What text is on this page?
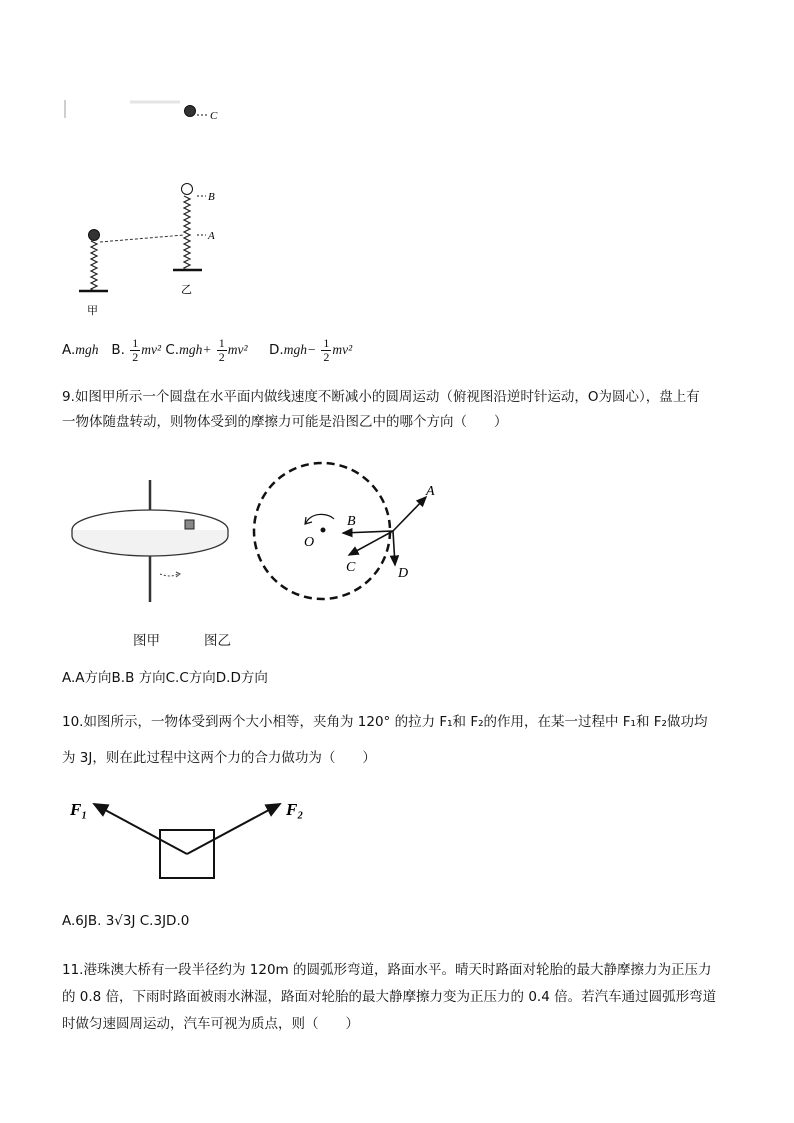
C
B
A
甲
乙
A.mgh B. $\frac{1}{2} mv^2$ $C.mgh+ \frac{1}{2} mv^2$ $D.mgh- \frac{1}{2} mv^2$
9.如图甲所示一个圆盘在水平面内做线速度不断减小的圆周运动（俯视图沿逆时针运动，O为圆心），盘上有
一物体随盘转动，则物体受到的摩擦力可能是沿图乙中的哪个方向（　　）
O
A
B
C	D
图甲	图乙
A.A方向B.B 方向C.C方向D.D方向
10.如图所示，一物体受到两个大小相等，夹角为 120° 的拉力 F₁和 F₂的作用，在某一过程中 F₁和 F₂做功均
为 3J，则在此过程中这两个力的合力做功为（　　）
F₁	F₂
A.6JB. 3√3J C.3JD.0
11.港珠澳大桥有一段半径约为 120m 的圆弧形弯道，路面水平。晴天时路面对轮胎的最大静摩擦力为正压力
的 0.8 倍，下雨时路面被雨水淋湿，路面对轮胎的最大静摩擦力变为正压力的 0.4 倍。若汽车通过圆弧形弯道
时做匀速圆周运动，汽车可视为质点，则（　　）
